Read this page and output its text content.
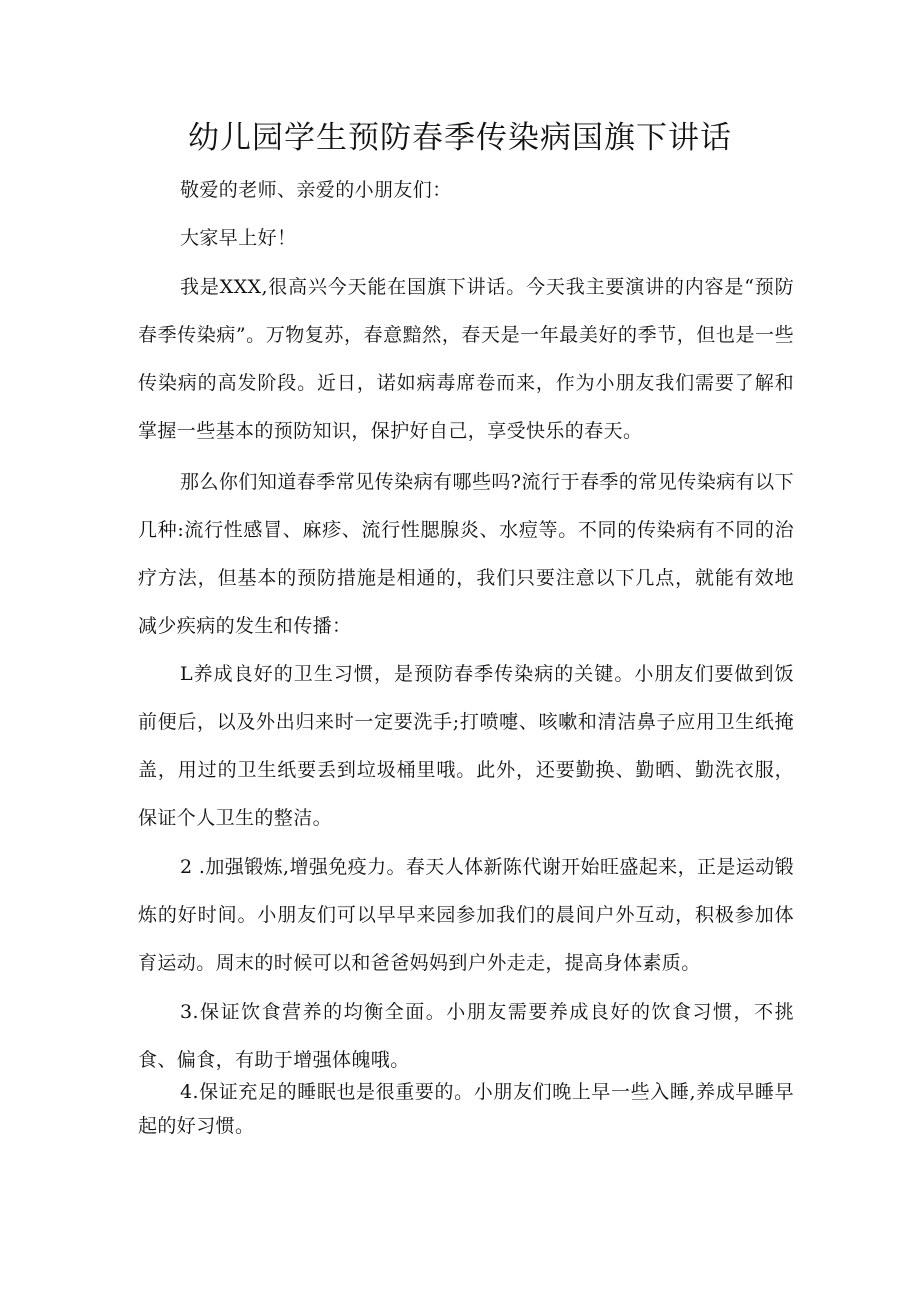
幼儿园学生预防春季传染病国旗下讲话

敬爱的老师、亲爱的小朋友们：

大家早上好！

我是XXX,很高兴今天能在国旗下讲话。今天我主要演讲的内容是“预防春季传染病”。万物复苏，春意黯然，春天是一年最美好的季节，但也是一些传染病的高发阶段。近日，诺如病毒席卷而来，作为小朋友我们需要了解和掌握一些基本的预防知识，保护好自己，享受快乐的春天。

那么你们知道春季常见传染病有哪些吗?流行于春季的常见传染病有以下几种:流行性感冒、麻疹、流行性腮腺炎、水痘等。不同的传染病有不同的治疗方法，但基本的预防措施是相通的，我们只要注意以下几点，就能有效地减少疾病的发生和传播：

L养成良好的卫生习惯，是预防春季传染病的关键。小朋友们要做到饭前便后，以及外出归来时一定要洗手;打喷嚏、咳嗽和清洁鼻子应用卫生纸掩盖，用过的卫生纸要丢到垃圾桶里哦。此外，还要勤换、勤晒、勤洗衣服，保证个人卫生的整洁。

2 .加强锻炼,增强免疫力。春天人体新陈代谢开始旺盛起来，正是运动锻炼的好时间。小朋友们可以早早来园参加我们的晨间户外互动，积极参加体育运动。周末的时候可以和爸爸妈妈到户外走走，提高身体素质。

3.保证饮食营养的均衡全面。小朋友需要养成良好的饮食习惯，不挑食、偏食，有助于增强体魄哦。

4.保证充足的睡眠也是很重要的。小朋友们晚上早一些入睡,养成早睡早起的好习惯。
